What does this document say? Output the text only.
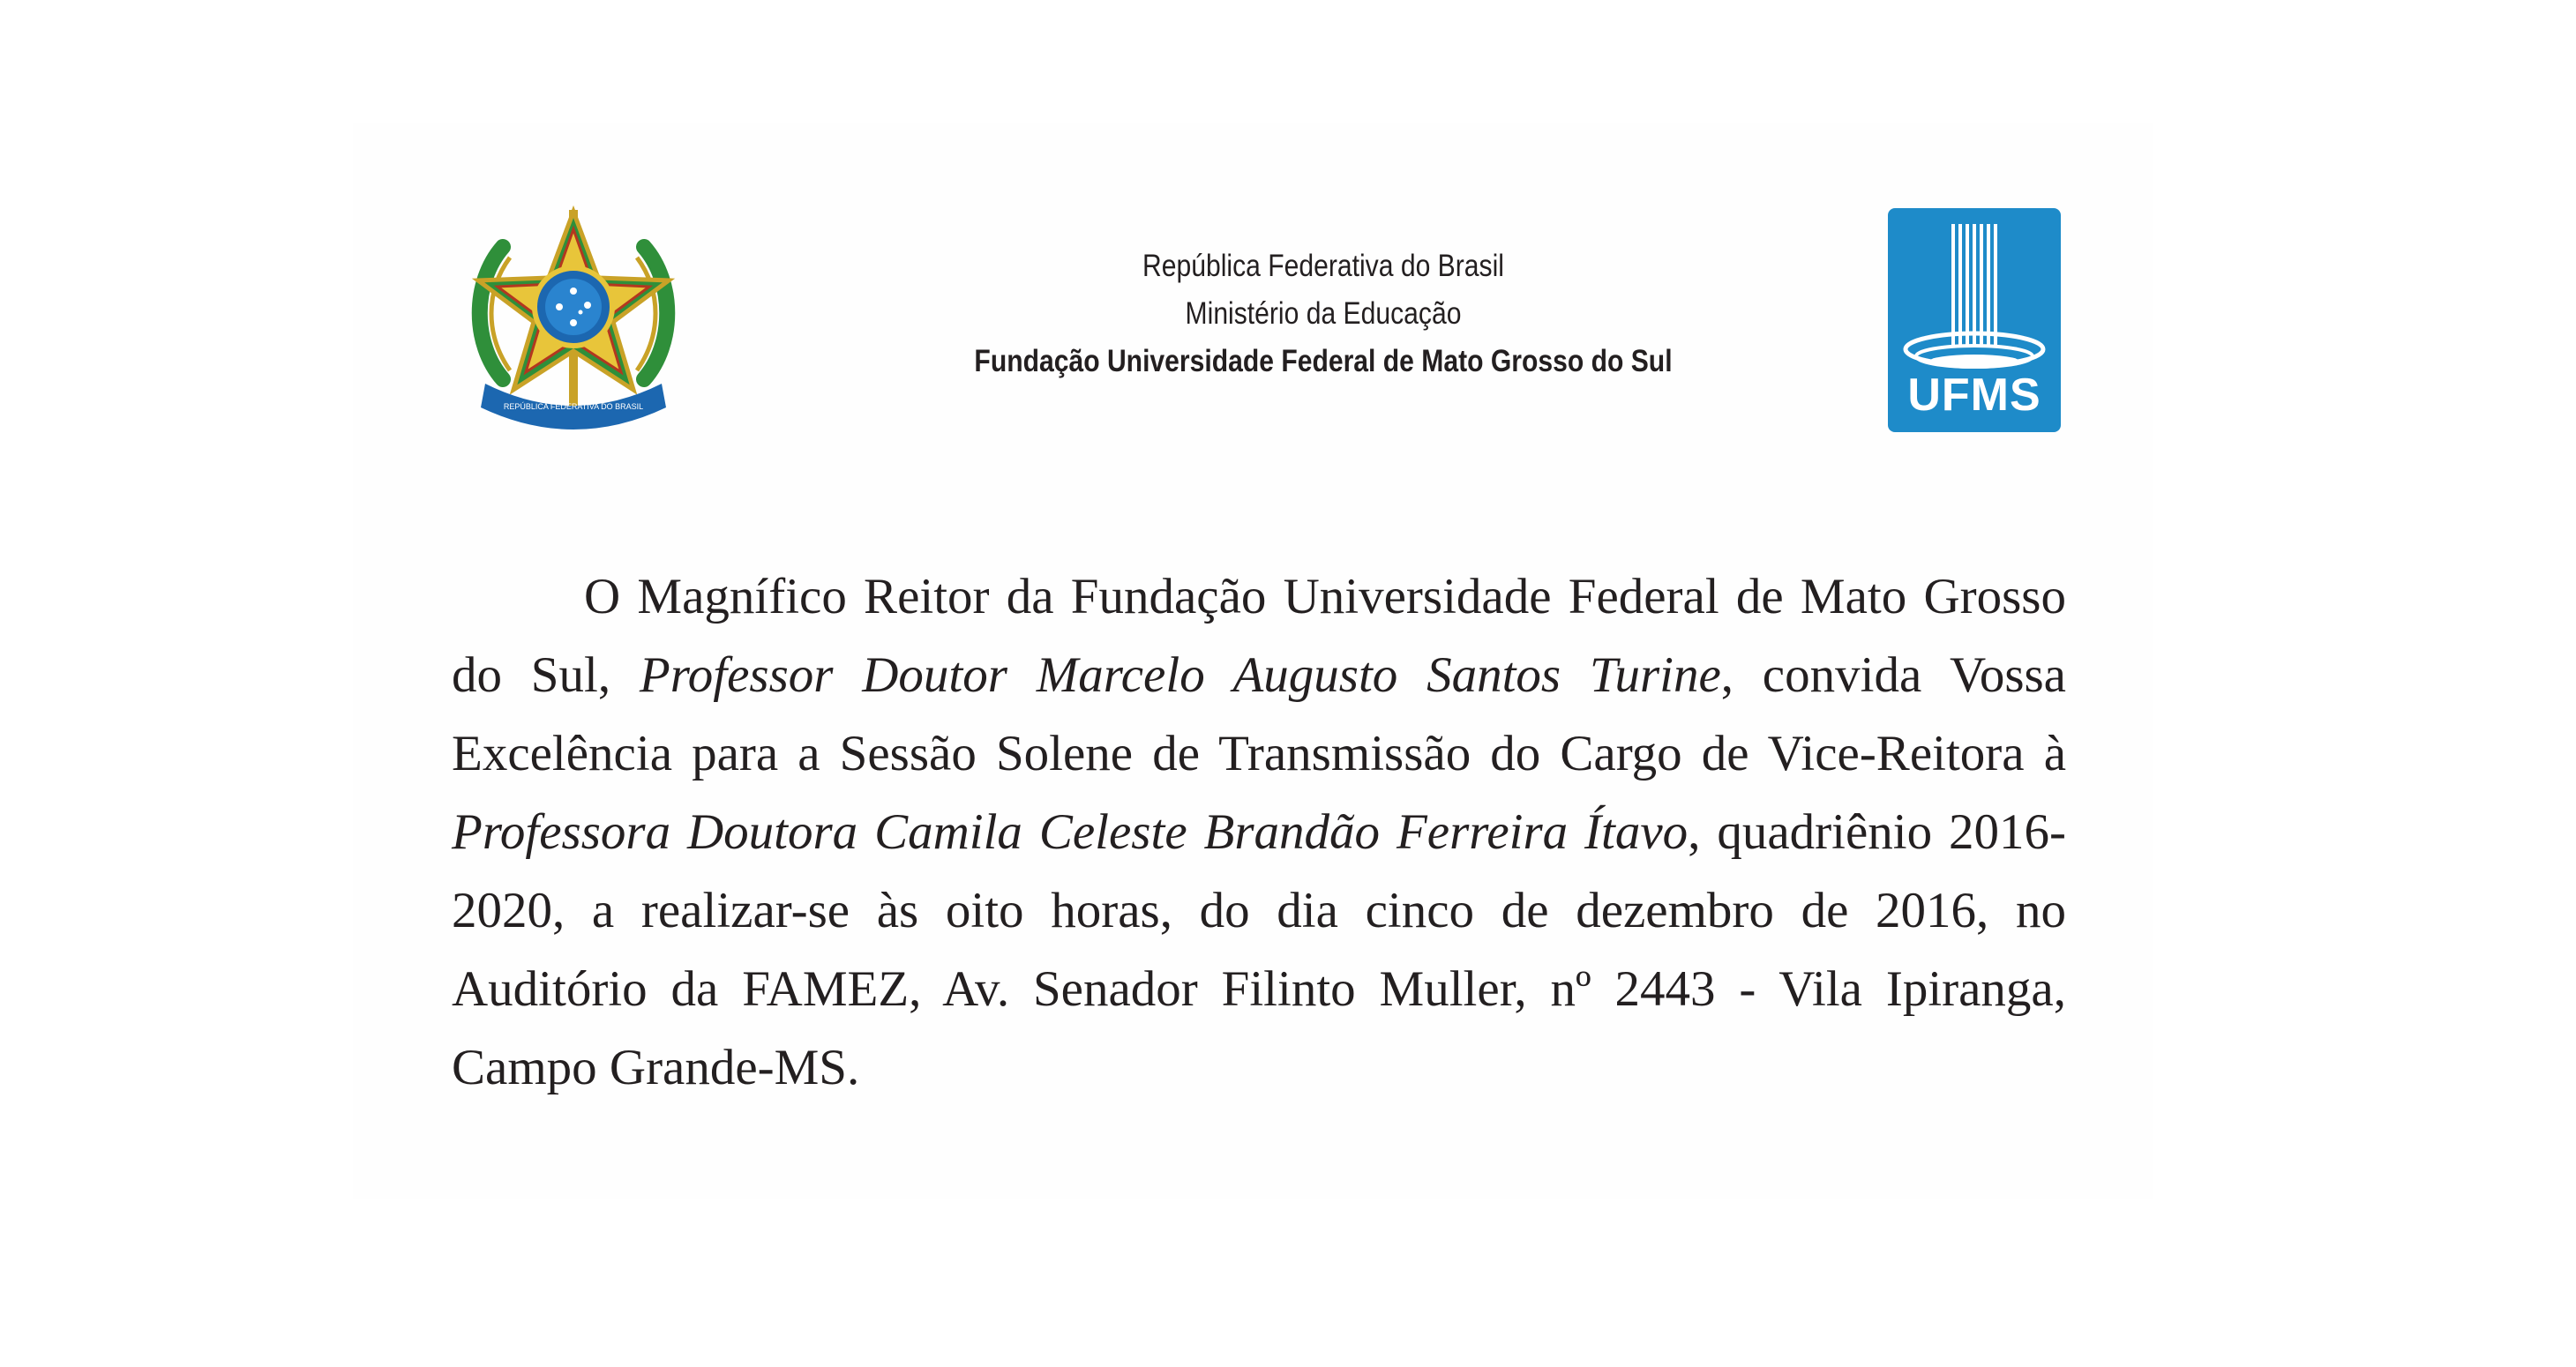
REPÚBLICA FEDERATIVA DO BRASIL
República Federativa do Brasil
Ministério da Educação
Fundação Universidade Federal de Mato Grosso do Sul
UFMS
O Magnífico Reitor da Fundação Universidade Federal de Mato Grosso do Sul, Professor Doutor Marcelo Augusto Santos Turine, convida Vossa Excelência para a Sessão Solene de Transmissão do Cargo de Vice-Reitora à Professora Doutora Camila Celeste Brandão Ferreira Ítavo, quadriênio 2016-2020, a realizar-se às oito horas, do dia cinco de dezembro de 2016, no Auditório da FAMEZ, Av. Senador Filinto Muller, nº 2443 - Vila Ipiranga, Campo Grande-MS.
